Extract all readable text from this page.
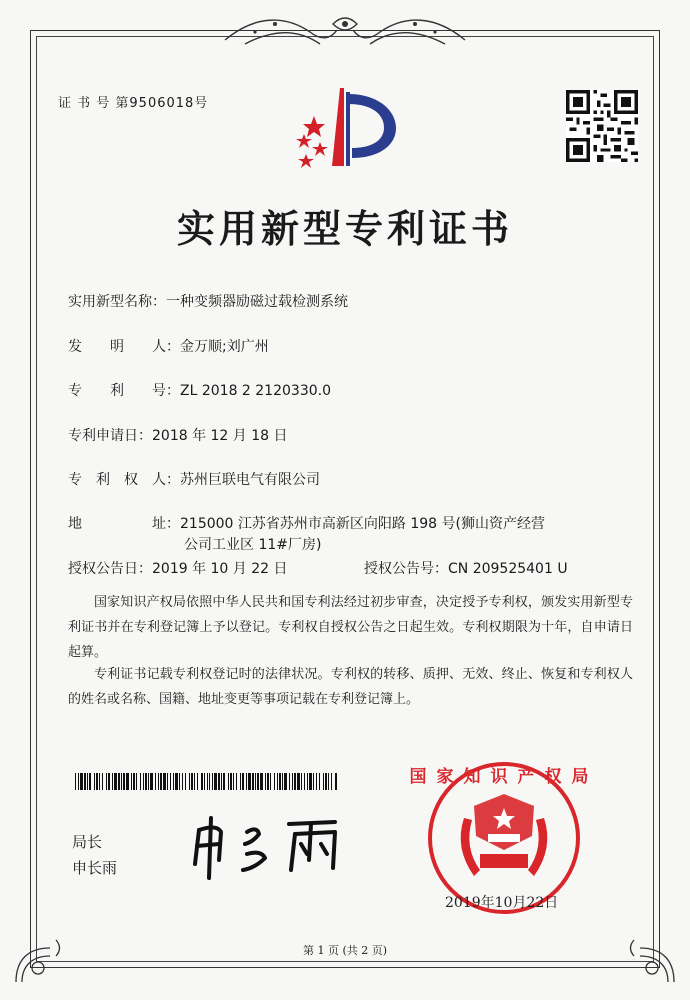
证 书 号 第9506018号
实用新型专利证书
实用新型名称：一种变频器励磁过载检测系统
发　　明　　人：金万顺;刘广州
专　　利　　号：ZL 2018 2 2120330.0
专利申请日：2018 年 12 月 18 日
专　利　权　人：苏州巨联电气有限公司
地　　　　　址：215000 江苏省苏州市高新区向阳路 198 号(狮山资产经营
公司工业区 11#厂房)
授权公告日：2019 年 10 月 22 日	授权公告号：CN 209525401 U
国家知识产权局依照中华人民共和国专利法经过初步审查，决定授予专利权，颁发实用新型专利证书并在专利登记簿上予以登记。专利权自授权公告之日起生效。专利权期限为十年，自申请日起算。
专利证书记载专利权登记时的法律状况。专利权的转移、质押、无效、终止、恢复和专利权人的姓名或名称、国籍、地址变更等事项记载在专利登记簿上。
局长
申长雨
国家知识产权局
2019年10月22日
第 1 页 (共 2 页)
